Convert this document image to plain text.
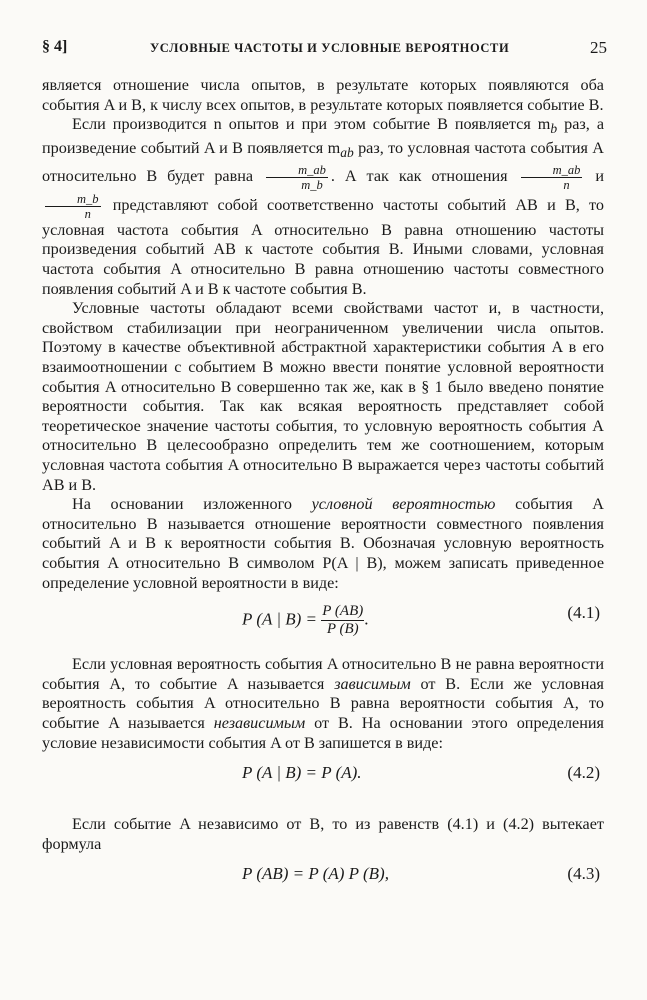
§ 4]	УСЛОВНЫЕ ЧАСТОТЫ И УСЛОВНЫЕ ВЕРОЯТНОСТИ	25

является отношение числа опытов, в результате которых появляются оба события A и B, к числу всех опытов, в результате которых появляется событие B.

Если производится n опытов и при этом событие B появляется $m_b$ раз, а произведение событий A и B появляется $m_{ab}$ раз, то условная частота события A относительно B будет равна $\frac{m\_ab}{m\_b}$ . А так как отношения $\frac{m\_ab}{n}$ и
$\frac{m\_b}{n}$ представляют собой соответственно частоты событий AB и B, то условная частота события A относительно B равна отношению частоты произведения событий AB к частоте события B. Иными словами, условная частота события A относительно B равна отношению частоты совместного появления событий A и B к частоте события B.

Условные частоты обладают всеми свойствами частот и, в частности, свойством стабилизации при неограниченном увеличении числа опытов. Поэтому в качестве объективной абстрактной характеристики события A в его взаимоотношении с событием B можно ввести понятие условной вероятности события A относительно B совершенно так же, как в § 1 было введено понятие вероятности события. Так как всякая вероятность представляет собой теоретическое значение частоты события, то условную вероятность события A относительно B целесообразно определить тем же соотношением, которым условная частота события A относительно B выражается через частоты событий AB и B.

На основании изложенного условной вероятностью события A относительно B называется отношение вероятности совместного появления событий A и B к вероятности события B. Обозначая условную вероятность события A относительно B символом P(A | B), можем записать приведенное определение условной вероятности в виде:

P (A | $B) = \frac{P (AB)}{P (B)}$ .	(4.1)

Если условная вероятность события A относительно B не равна вероятности события A, то событие A называется зависимым от B. Если же условная вероятность события A относительно B равна вероятности события A, то событие A называется независимым от B. На основании этого определения условие независимости события A от B запишется в виде:

P (A | B) = P (A).	(4.2)

Если событие A независимо от B, то из равенств (4.1) и (4.2) вытекает формула

P (AB) = P (A) P (B),	(4.3)
